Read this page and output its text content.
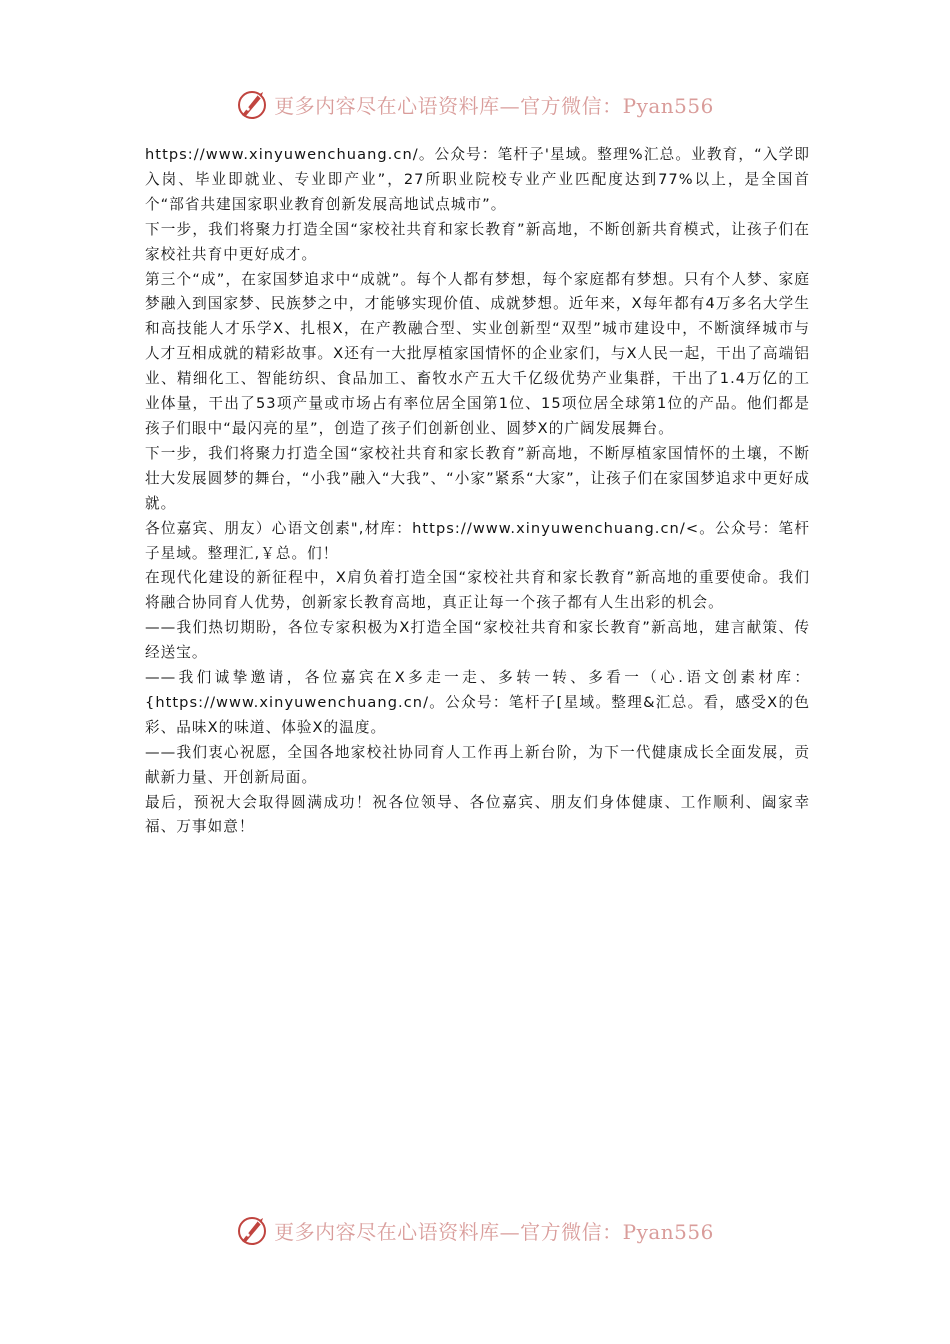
更多内容尽在心语资料库—官方微信：Pyan556

https://www.xinyuwenchuang.cn/。公众号：笔杆子'星域。整理%汇总。业教育，“入学即入岗、毕业即就业、专业即产业”，27所职业院校专业产业匹配度达到77%以上，是全国首个“部省共建国家职业教育创新发展高地试点城市”。

下一步，我们将聚力打造全国“家校社共育和家长教育”新高地，不断创新共育模式，让孩子们在家校社共育中更好成才。

第三个“成”，在家国梦追求中“成就”。每个人都有梦想，每个家庭都有梦想。只有个人梦、家庭梦融入到国家梦、民族梦之中，才能够实现价值、成就梦想。近年来，X每年都有4万多名大学生和高技能人才乐学X、扎根X，在产教融合型、实业创新型“双型”城市建设中，不断演绎城市与人才互相成就的精彩故事。X还有一大批厚植家国情怀的企业家们，与X人民一起，干出了高端铝业、精细化工、智能纺织、食品加工、畜牧水产五大千亿级优势产业集群，干出了1.4万亿的工业体量，干出了53项产量或市场占有率位居全国第1位、15项位居全球第1位的产品。他们都是孩子们眼中“最闪亮的星”，创造了孩子们创新创业、圆梦X的广阔发展舞台。

下一步，我们将聚力打造全国“家校社共育和家长教育”新高地，不断厚植家国情怀的土壤，不断壮大发展圆梦的舞台，“小我”融入“大我”、“小家”紧系“大家”，让孩子们在家国梦追求中更好成就。

各位嘉宾、朋友）心语文创素",材库：https://www.xinyuwenchuang.cn/<。公众号：笔杆子星域。整理汇,￥总。们！

在现代化建设的新征程中，X肩负着打造全国“家校社共育和家长教育”新高地的重要使命。我们将融合协同育人优势，创新家长教育高地，真正让每一个孩子都有人生出彩的机会。

——我们热切期盼，各位专家积极为X打造全国“家校社共育和家长教育”新高地，建言献策、传经送宝。

——我们诚挚邀请，各位嘉宾在X多走一走、多转一转、多看一（心.语文创素材库：{https://www.xinyuwenchuang.cn/。公众号：笔杆子[星域。整理&汇总。看，感受X的色彩、品味X的味道、体验X的温度。

——我们衷心祝愿，全国各地家校社协同育人工作再上新台阶，为下一代健康成长全面发展，贡献新力量、开创新局面。

最后，预祝大会取得圆满成功！祝各位领导、各位嘉宾、朋友们身体健康、工作顺利、阖家幸福、万事如意！

更多内容尽在心语资料库—官方微信：Pyan556
